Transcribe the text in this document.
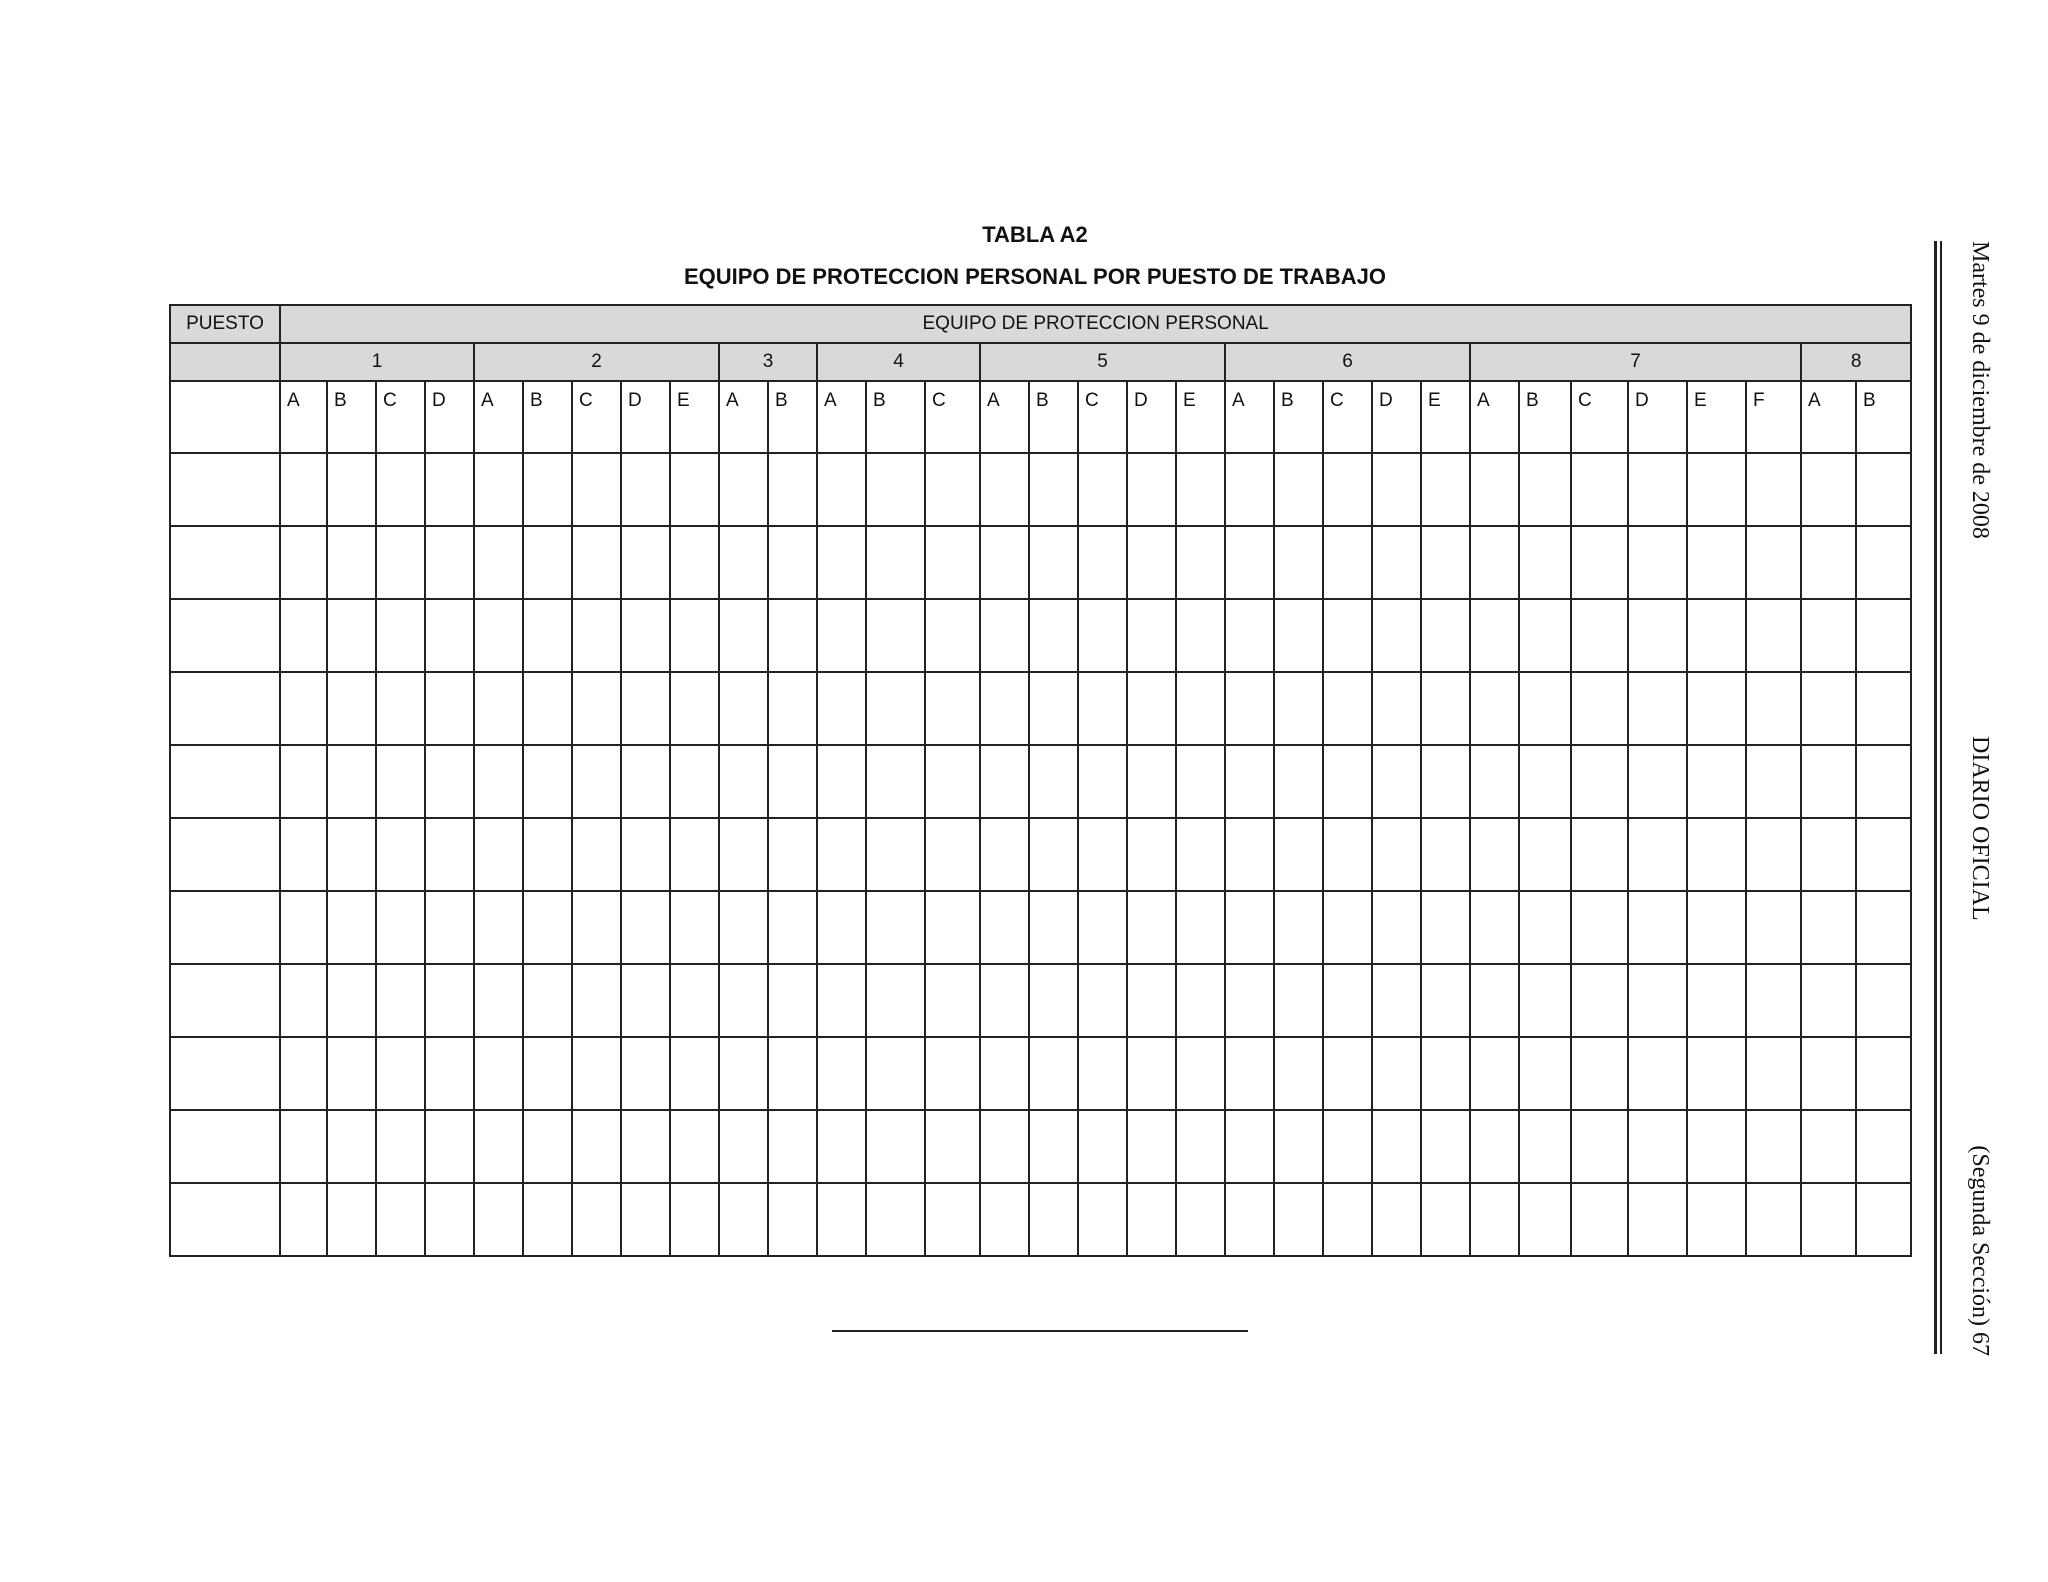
TABLA A2
EQUIPO DE PROTECCION PERSONAL POR PUESTO DE TRABAJO
PUESTO	EQUIPO DE PROTECCION PERSONAL																															
	1				2					3		4			5					6					7						8	

	A	B	C	D	A	B	C	D	E	A	B	A	B	C	A	B	C	D	E	A	B	C	D	E	A	B	C	D	E	F	A	B

																																	Martes 9 de diciembre de 2008
DIARIO OFICIAL
(Segunda Sección) 67
